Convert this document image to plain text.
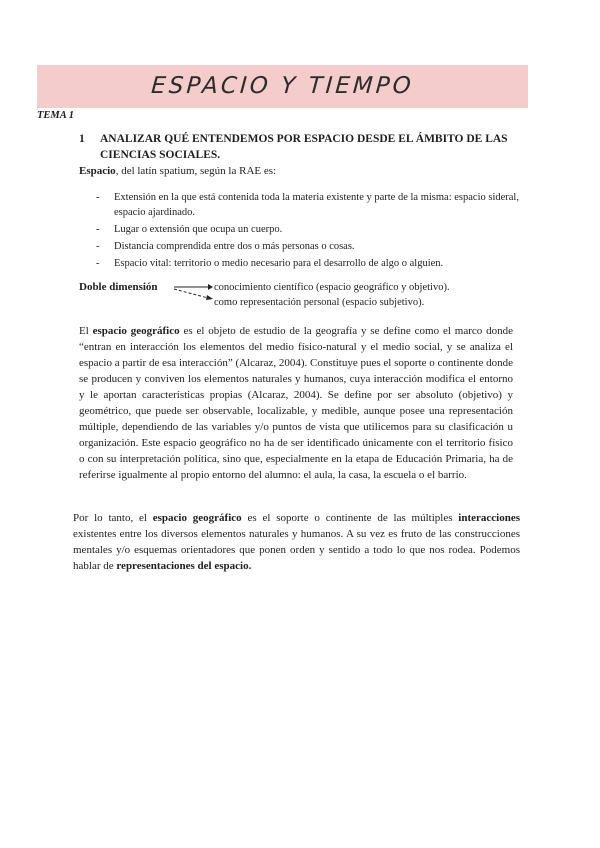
ESPACIO Y TIEMPO
TEMA 1
1	ANALIZAR QUÉ ENTENDEMOS POR ESPACIO DESDE EL ÁMBITO DE LAS CIENCIAS SOCIALES.
Espacio, del latín spatium, según la RAE es:
- Extensión en la que está contenida toda la materia existente y parte de la misma: espacio sideral, espacio ajardinado.
- Lugar o extensión que ocupa un cuerpo.
- Distancia comprendida entre dos o más personas o cosas.
- Espacio vital: territorio o medio necesario para el desarrollo de algo o alguien.
Doble dimensión	conocimiento científico (espacio geográfico y objetivo).
como representación personal (espacio subjetivo).
El espacio geográfico es el objeto de estudio de la geografía y se define como el marco donde “entran en interacción los elementos del medio físico-natural y el medio social, y se analiza el espacio a partir de esa interacción” (Alcaraz, 2004). Constituye pues el soporte o continente donde se producen y conviven los elementos naturales y humanos, cuya interacción modifica el entorno y le aportan características propias (Alcaraz, 2004). Se define por ser absoluto (objetivo) y geométrico, que puede ser observable, localizable, y medible, aunque posee una representación múltiple, dependiendo de las variables y/o puntos de vista que utilicemos para su clasificación u organización. Este espacio geográfico no ha de ser identificado únicamente con el territorio físico o con su interpretación política, sino que, especialmente en la etapa de Educación Primaria, ha de referirse igualmente al propio entorno del alumno: el aula, la casa, la escuela o el barrio.
Por lo tanto, el espacio geográfico es el soporte o continente de las múltiples interacciones existentes entre los diversos elementos naturales y humanos. A su vez es fruto de las construcciones mentales y/o esquemas orientadores que ponen orden y sentido a todo lo que nos rodea. Podemos hablar de representaciones del espacio.
